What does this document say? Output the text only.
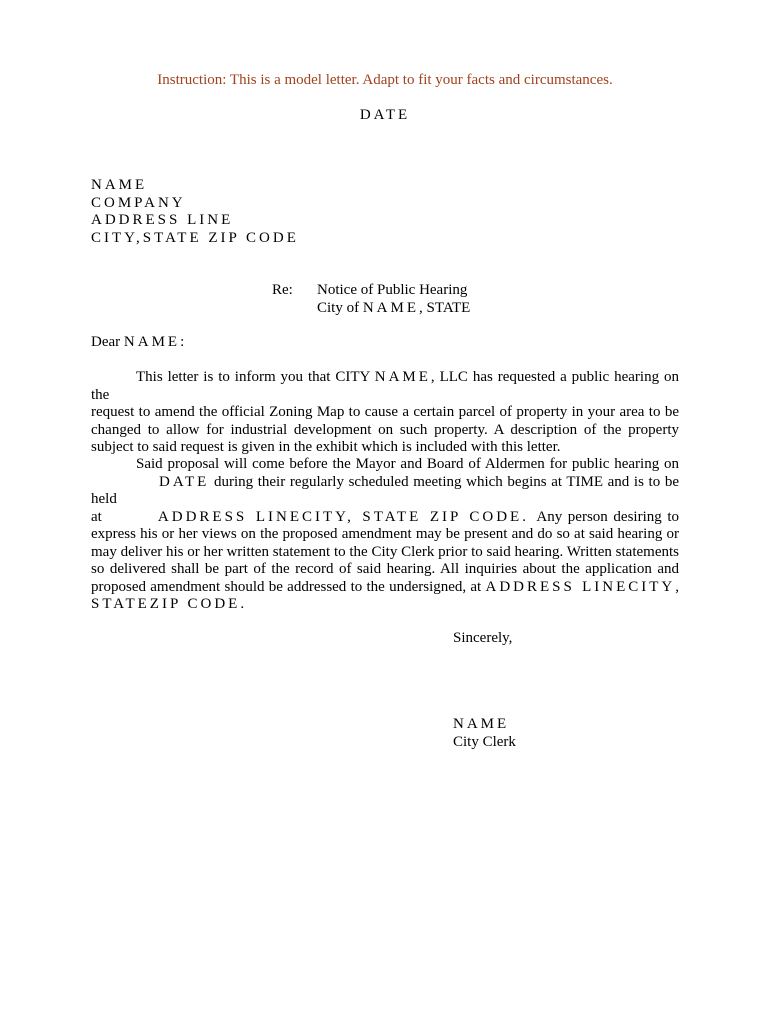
Instruction: This is a model letter. Adapt to fit your facts and circumstances.
DATE
NAME
COMPANY
ADDRESS LINE
CITY,STATE ZIP CODE
Re: Notice of Public Hearing
City of NAME, STATE
Dear NAME:
This letter is to inform you that CITY NAME, LLC has requested a public hearing on the
request to amend the official Zoning Map to cause a certain parcel of property in your area to be
changed to allow for industrial development on such property. A description of the property
subject to said request is given in the exhibit which is included with this letter.
Said proposal will come before the Mayor and Board of Aldermen for public hearing on
DATE during their regularly scheduled meeting which begins at TIME and is to be held
at          ADDRESS LINECITY, STATE ZIP CODE.  Any person desiring to
express his or her views on the proposed amendment may be present and do so at said hearing or
may deliver his or her written statement to the City Clerk prior to said hearing. Written statements
so delivered shall be part of the record of said hearing. All inquiries about the application and
proposed amendment should be addressed to the undersigned, at ADDRESS LINECITY,
STATEZIP CODE.
Sincerely,
NAME
City Clerk
